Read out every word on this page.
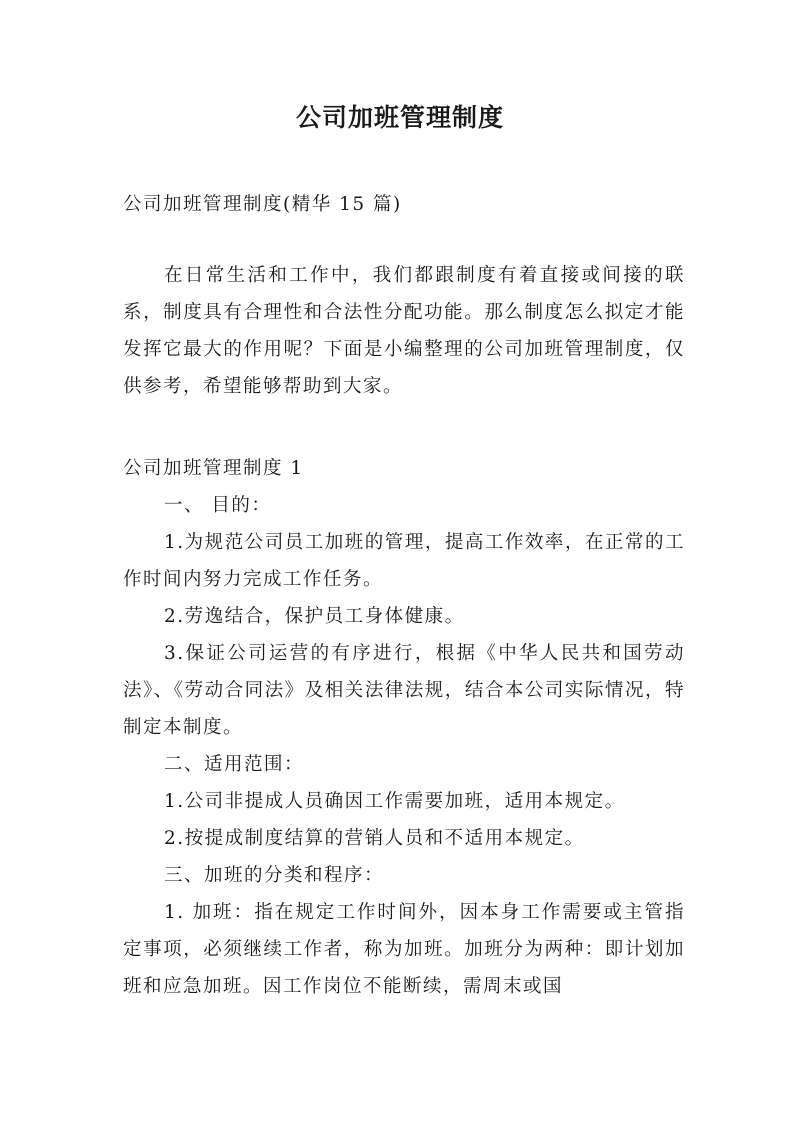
公司加班管理制度
公司加班管理制度(精华 15 篇)
在日常生活和工作中，我们都跟制度有着直接或间接的联系，制度具有合理性和合法性分配功能。那么制度怎么拟定才能发挥它最大的作用呢？下面是小编整理的公司加班管理制度，仅供参考，希望能够帮助到大家。

公司加班管理制度 1

一、 目的：

1.为规范公司员工加班的管理，提高工作效率，在正常的工作时间内努力完成工作任务。

2.劳逸结合，保护员工身体健康。

3.保证公司运营的有序进行，根据《中华人民共和国劳动法》、《劳动合同法》及相关法律法规，结合本公司实际情况，特制定本制度。

二、适用范围：

1.公司非提成人员确因工作需要加班，适用本规定。

2.按提成制度结算的营销人员和不适用本规定。

三、加班的分类和程序：

1. 加班：指在规定工作时间外，因本身工作需要或主管指定事项，必须继续工作者，称为加班。加班分为两种：即计划加班和应急加班。因工作岗位不能断续，需周末或国
